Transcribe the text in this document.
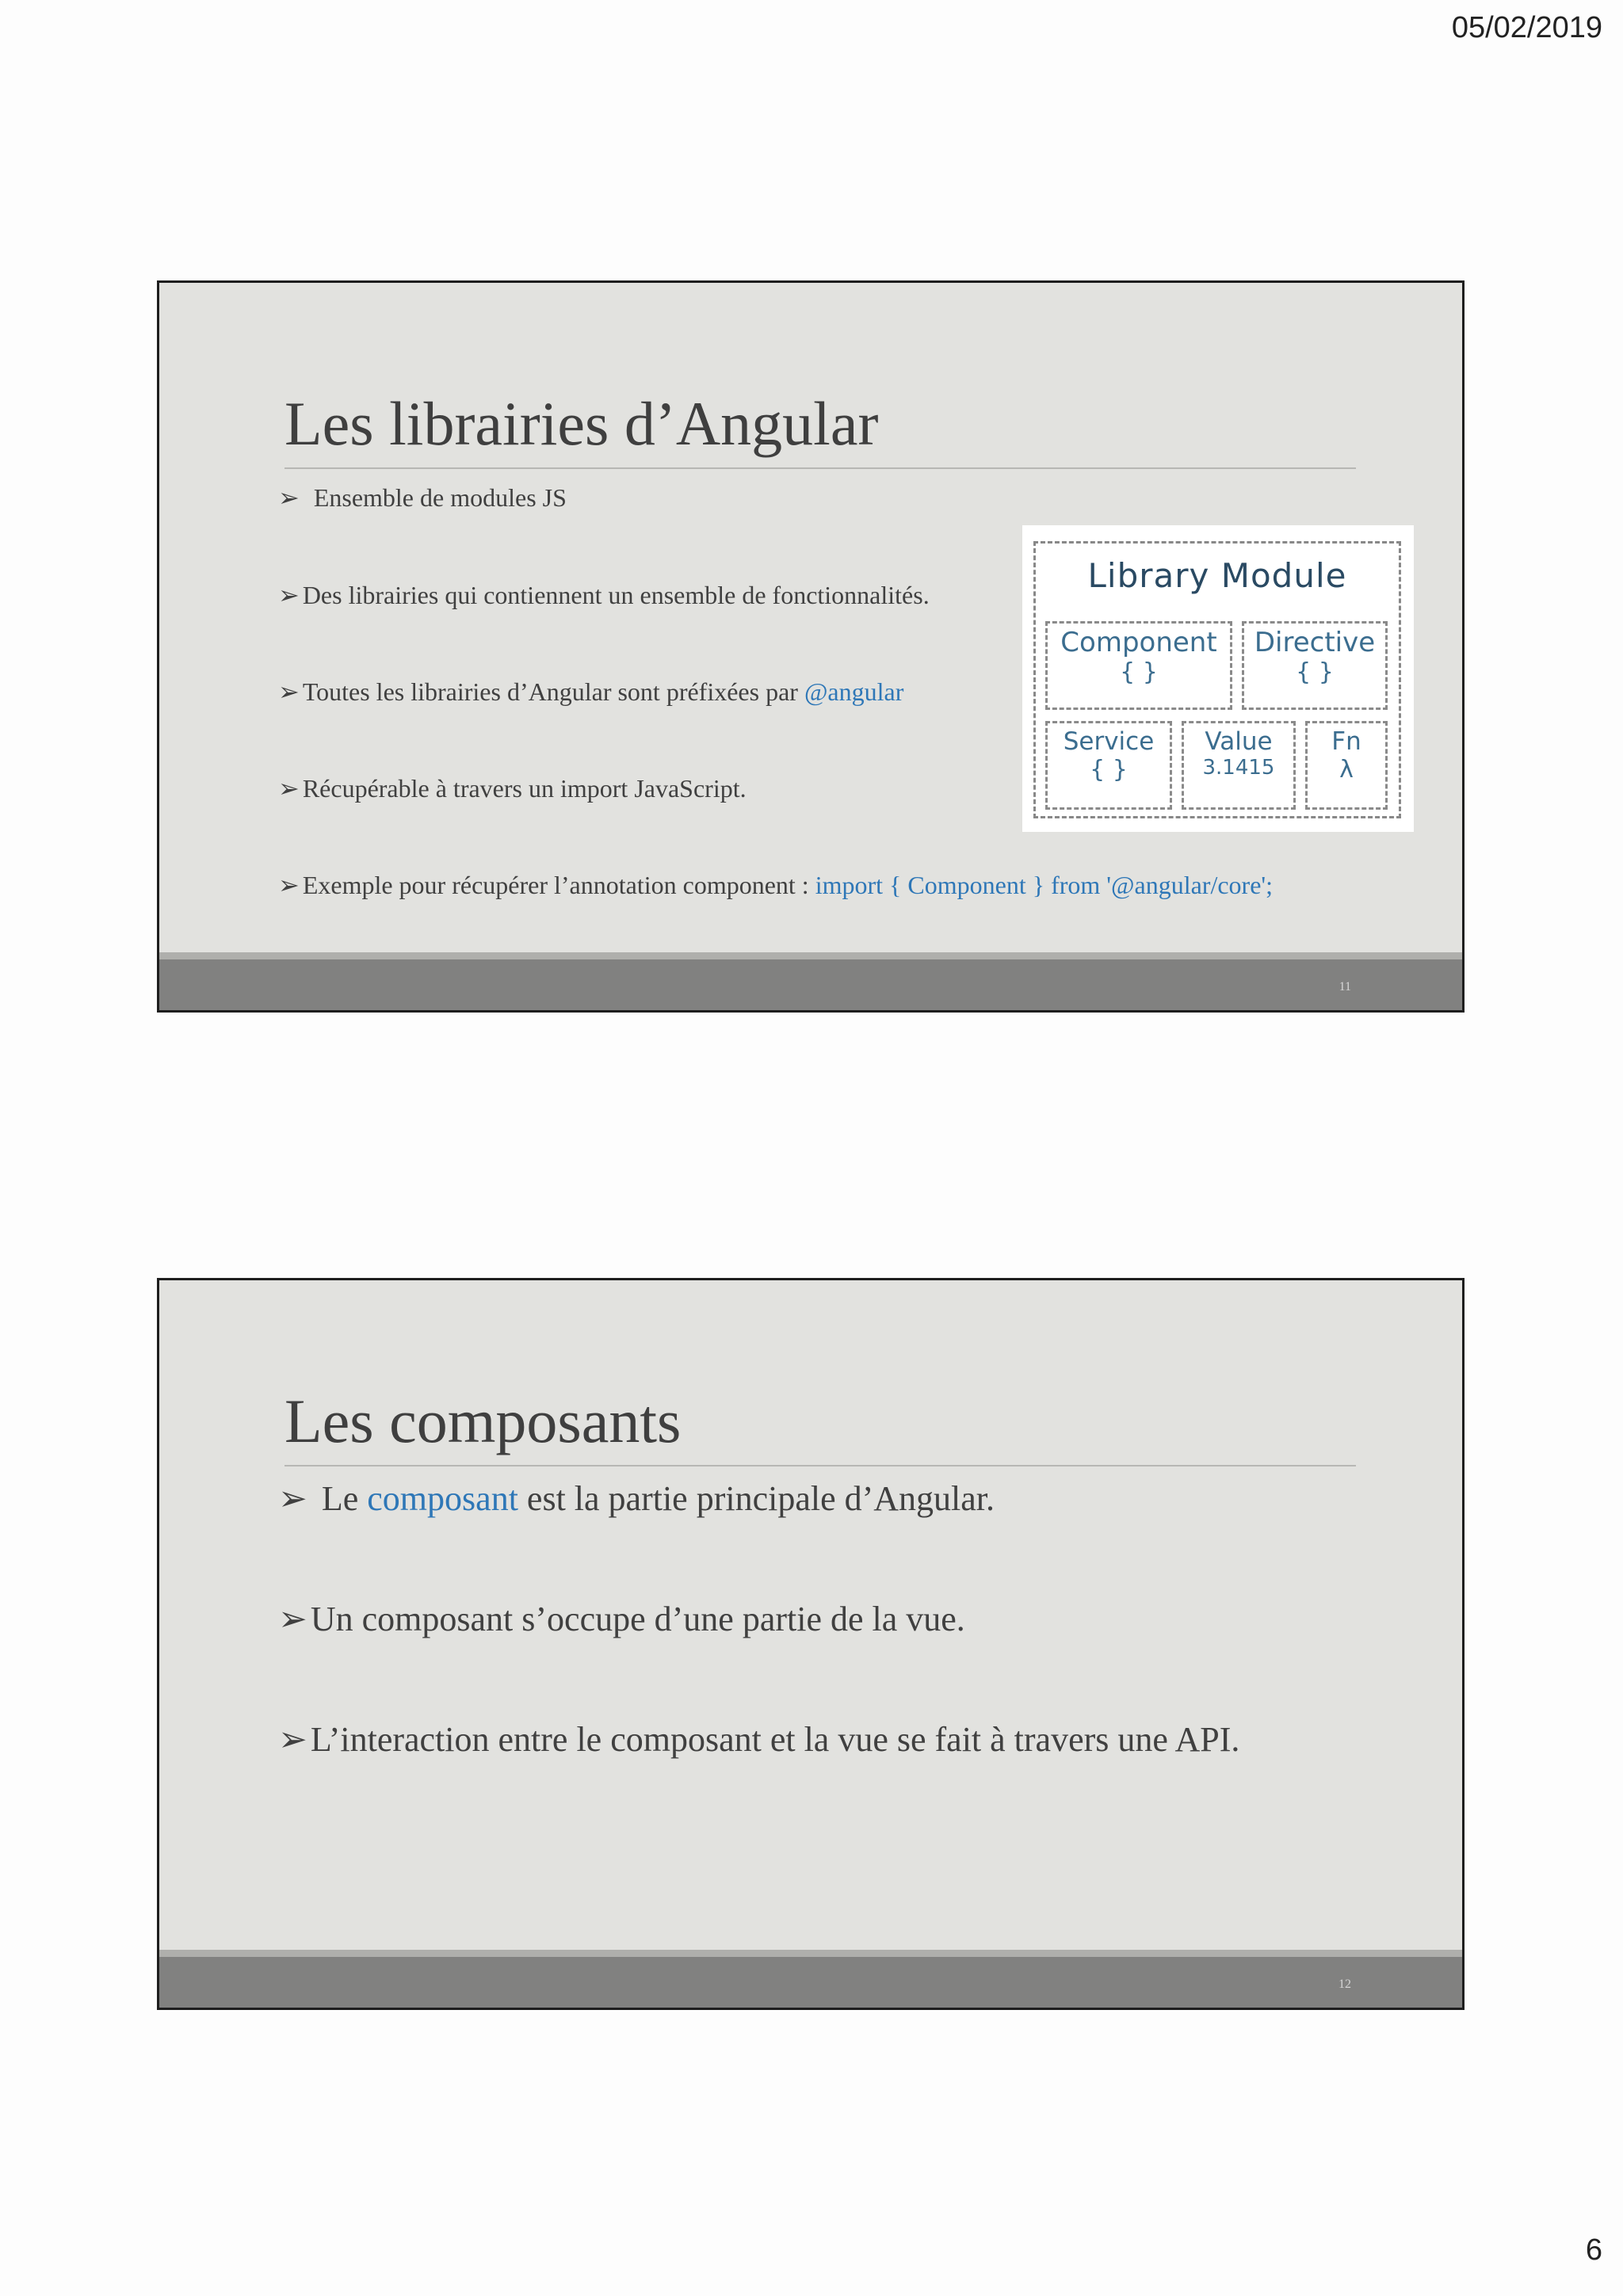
05/02/2019
Les librairies d’Angular
➢ Ensemble de modules JS
➢ Des librairies qui contiennent un ensemble de fonctionnalités.
➢ Toutes les librairies d’Angular sont préfixées par @angular
➢ Récupérable à travers un import JavaScript.
➢ Exemple pour récupérer l’annotation component : import { Component } from '@angular/core';
Library Module
Component
{ }
Directive
{ }
Service
{ }
Value
3.1415
Fn
λ
11
Les composants
➢ Le composant est la partie principale d’Angular.
➢Un composant s’occupe d’une partie de la vue.
➢L’interaction entre le composant et la vue se fait à travers une API.
12
6
